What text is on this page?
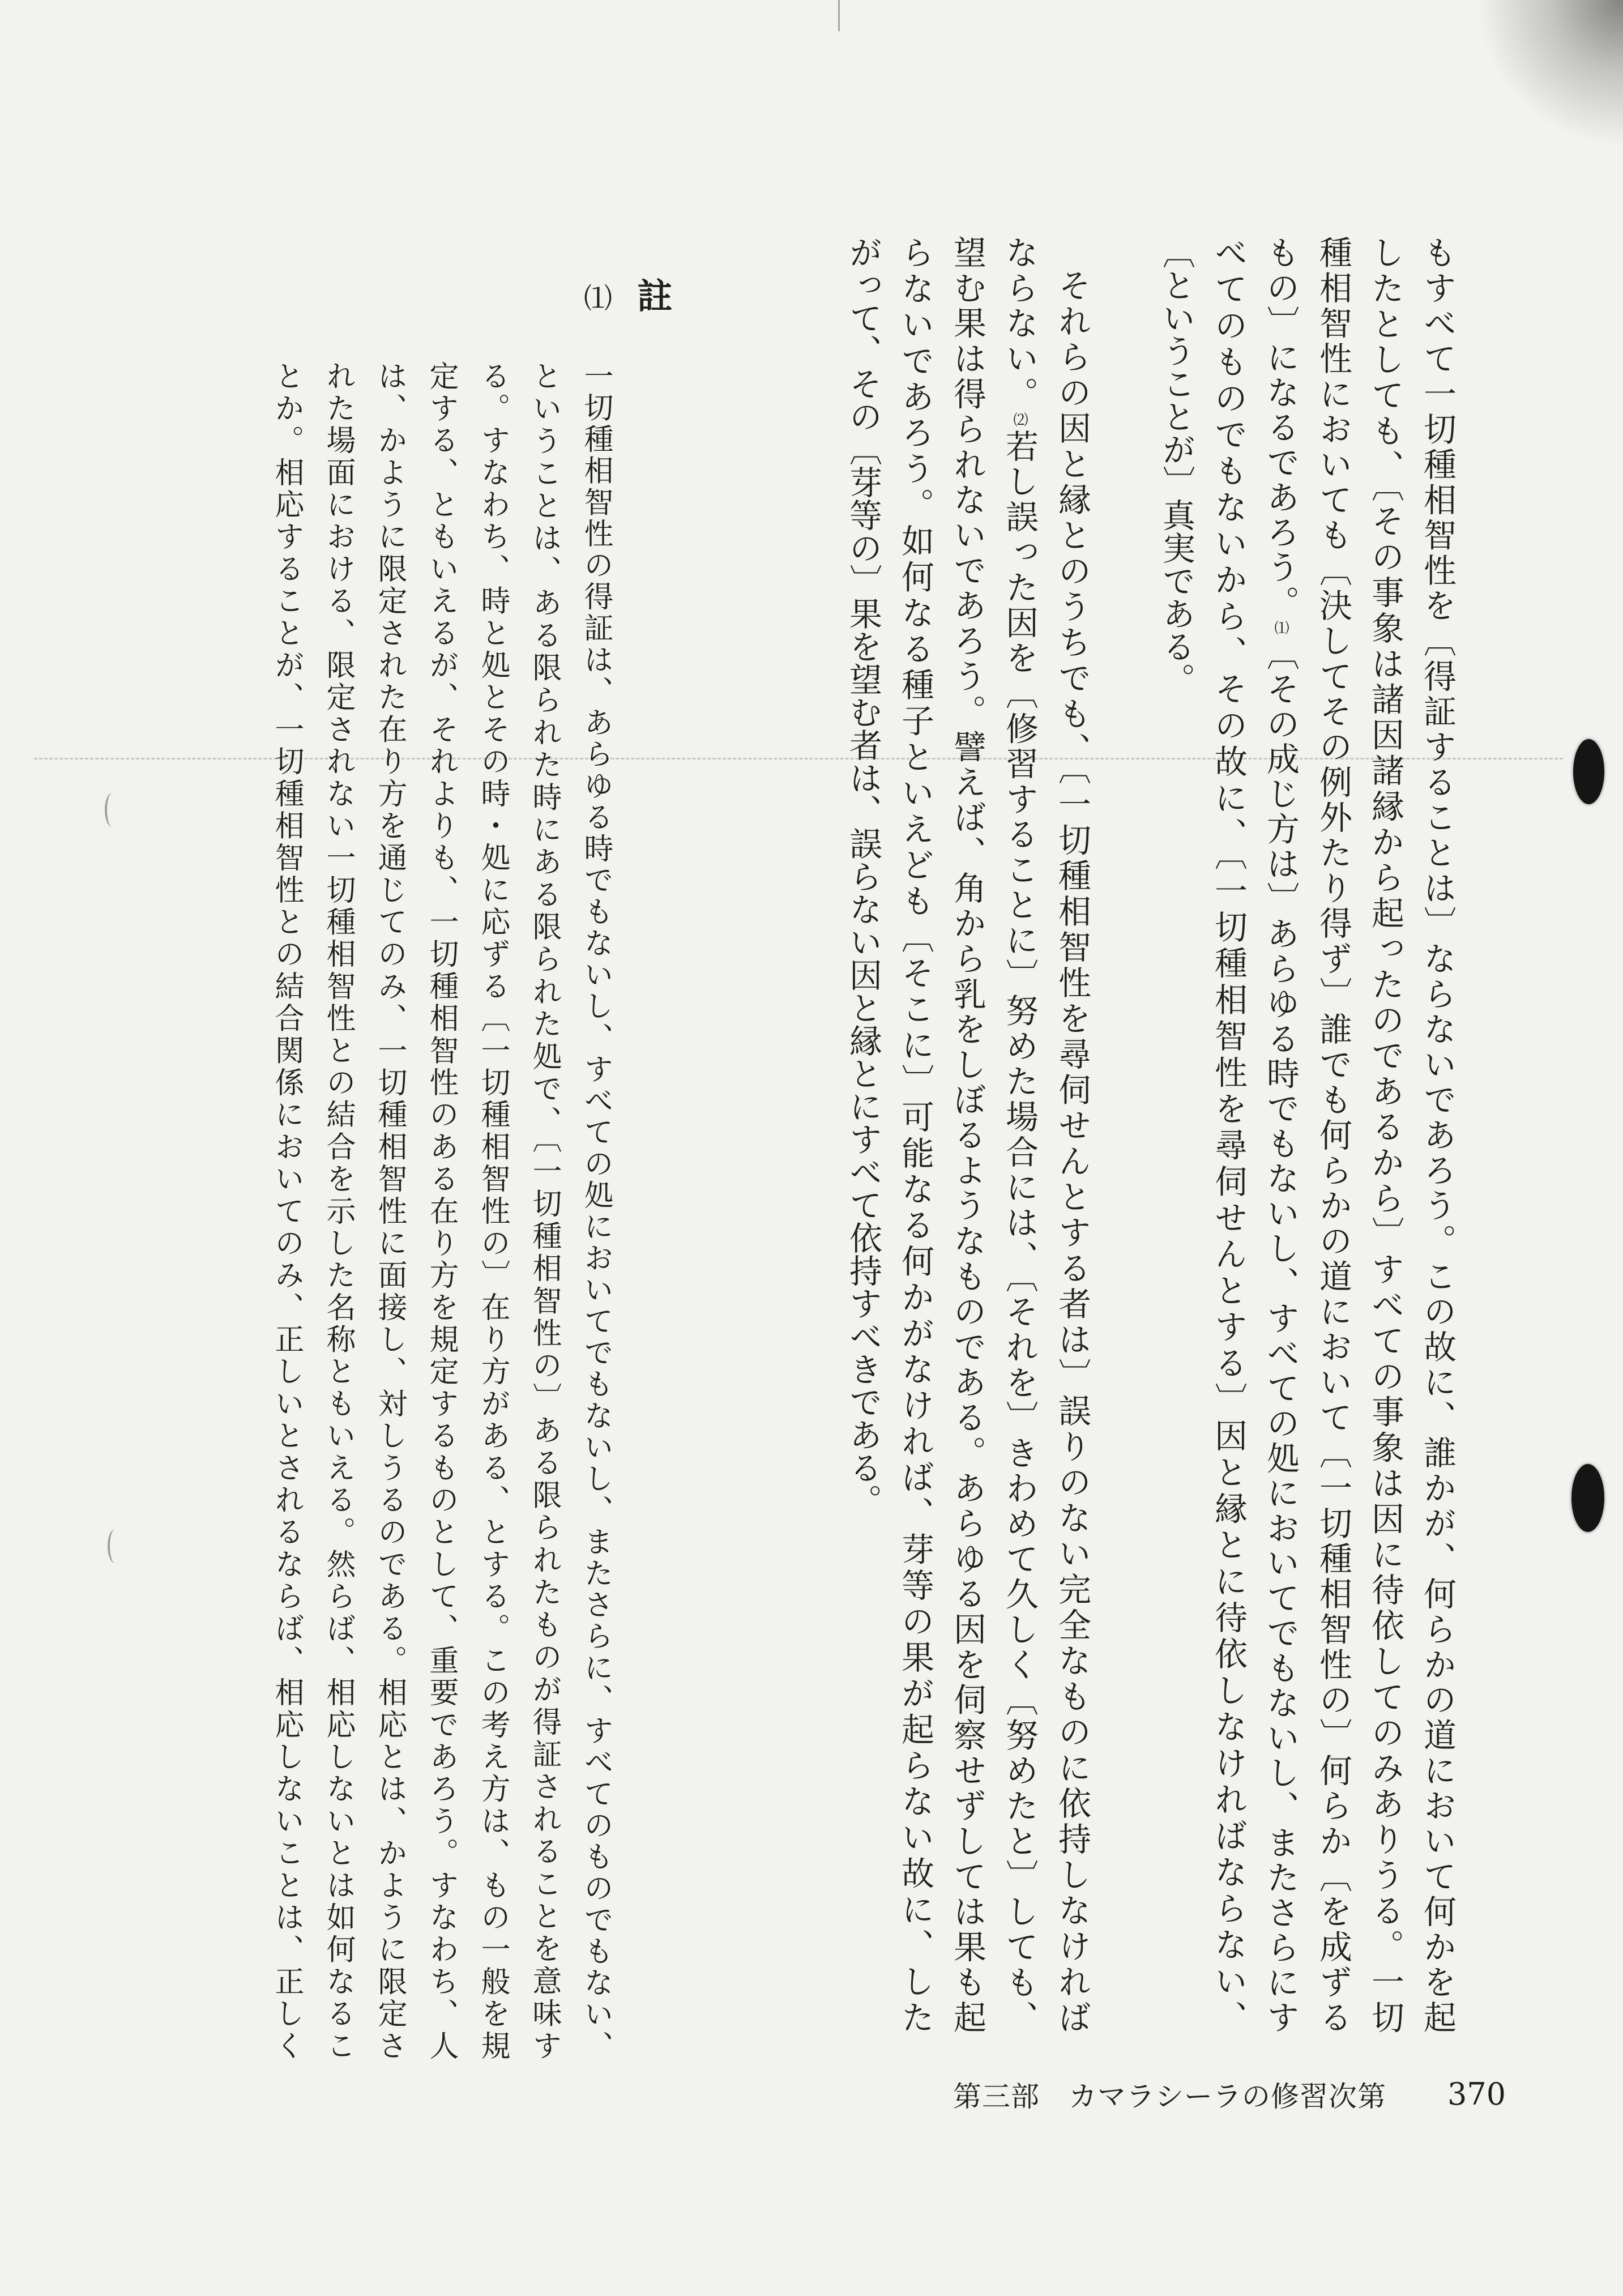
もすべて一切種相智性を〔得証することは〕ならないであろう。この故に、誰かが、何らかの道において何かを起
したとしても、〔その事象は諸因諸縁から起ったのであるから〕すべての事象は因に待依してのみありうる。一切
種相智性においても〔決してその例外たり得ず〕誰でも何らかの道において〔一切種相智性の〕何らか〔を成ずる
もの〕になるであろう。⑴〔その成じ方は〕あらゆる時でもないし、すべての処においてでもないし、またさらにす
べてのものでもないから、その故に、〔一切種相智性を尋伺せんとする〕因と縁とに待依しなければならない、
〔ということが〕真実である。
それらの因と縁とのうちでも、〔一切種相智性を尋伺せんとする者は〕誤りのない完全なものに依持しなければ
ならない。⑵若し誤った因を〔修習することに〕努めた場合には、〔それを〕きわめて久しく〔努めたと〕しても、
望む果は得られないであろう。譬えば、角から乳をしぼるようなものである。あらゆる因を伺察せずしては果も起
らないであろう。如何なる種子といえども〔そこに〕可能なる何かがなければ、芽等の果が起らない故に、した
がって、その〔芽等の〕果を望む者は、誤らない因と縁とにすべて依持すべきである。
註
⑴
一切種相智性の得証は、あらゆる時でもないし、すべての処においてでもないし、またさらに、すべてのものでもない、
ということは、ある限られた時にある限られた処で、〔一切種相智性の〕ある限られたものが得証されることを意味す
る。すなわち、時と処とその時・処に応ずる〔一切種相智性の〕在り方がある、とする。この考え方は、もの一般を規
定する、ともいえるが、それよりも、一切種相智性のある在り方を規定するものとして、重要であろう。すなわち、人
は、かように限定された在り方を通じてのみ、一切種相智性に面接し、対しうるのである。相応とは、かように限定さ
れた場面における、限定されない一切種相智性との結合を示した名称ともいえる。然らば、相応しないとは如何なるこ
とか。相応することが、一切種相智性との結合関係においてのみ、正しいとされるならば、相応しないことは、正しく
第三部　カマラシーラの修習次第 370
